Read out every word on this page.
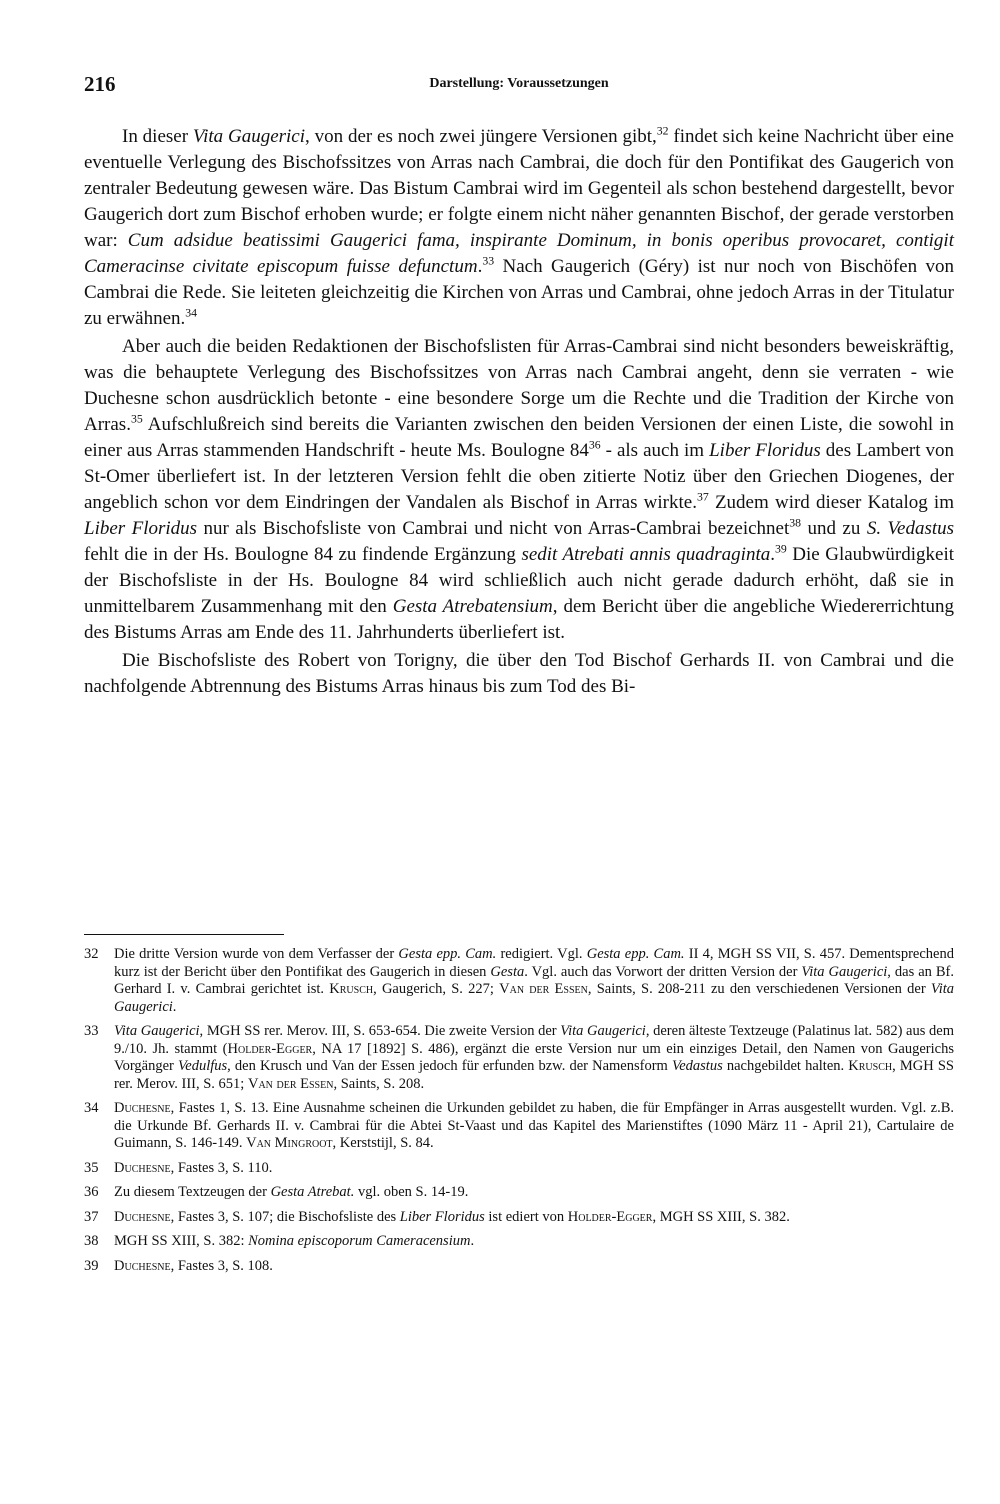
216	Darstellung: Voraussetzungen

In dieser Vita Gaugerici, von der es noch zwei jüngere Versionen gibt,$^{32}$ findet sich keine Nachricht über eine eventuelle Verlegung des Bischofssitzes von Arras nach Cambrai, die doch für den Pontifikat des Gaugerich von zentraler Bedeutung gewesen wäre. Das Bistum Cambrai wird im Gegenteil als schon bestehend dargestellt, bevor Gaugerich dort zum Bischof erhoben wurde; er folgte einem nicht näher genannten Bischof, der gerade verstorben war: Cum adsidue beatissimi Gaugerici fama, inspirante Dominum, in bonis operibus provocaret, contigit Cameracinse civitate episcopum fuisse defunctum.$^{33}$ Nach Gaugerich (Géry) ist nur noch von Bischöfen von Cambrai die Rede. Sie leiteten gleichzeitig die Kirchen von Arras und Cambrai, ohne jedoch Arras in der Titulatur zu erwähnen.$^{34}$

Aber auch die beiden Redaktionen der Bischofslisten für Arras-Cambrai sind nicht besonders beweiskräftig, was die behauptete Verlegung des Bischofssitzes von Arras nach Cambrai angeht, denn sie verraten - wie Duchesne schon ausdrücklich betonte - eine besondere Sorge um die Rechte und die Tradition der Kirche von Arras.$^{35}$ Aufschlußreich sind bereits die Varianten zwischen den beiden Versionen der einen Liste, die sowohl in einer aus Arras stammenden Handschrift - heute Ms. Boulogne $84^{36}$ - als auch im Liber Floridus des Lambert von St-Omer überliefert ist. In der letzteren Version fehlt die oben zitierte Notiz über den Griechen Diogenes, der angeblich schon vor dem Eindringen der Vandalen als Bischof in Arras wirkte.$^{37}$ Zudem wird dieser Katalog im Liber Floridus nur als Bischofsliste von Cambrai und nicht von Arras-Cambrai bezeichnet$^{38}$ und zu S. Vedastus fehlt die in der Hs. Boulogne 84 zu findende Ergänzung sedit Atrebati annis quadraginta.$^{39}$ Die Glaubwürdigkeit der Bischofsliste in der Hs. Boulogne 84 wird schließlich auch nicht gerade dadurch erhöht, daß sie in unmittelbarem Zusammenhang mit den Gesta Atrebatensium, dem Bericht über die angebliche Wiedererrichtung des Bistums Arras am Ende des 11. Jahrhunderts überliefert ist.

Die Bischofsliste des Robert von Torigny, die über den Tod Bischof Gerhards II. von Cambrai und die nachfolgende Abtrennung des Bistums Arras hinaus bis zum Tod des Bi-

32	Die dritte Version wurde von dem Verfasser der Gesta epp. Cam. redigiert. Vgl. Gesta epp. Cam. II 4, MGH SS VII, S. 457. Dementsprechend kurz ist der Bericht über den Pontifikat des Gaugerich in diesen Gesta. Vgl. auch das Vorwort der dritten Version der Vita Gaugerici, das an Bf. Gerhard I. v. Cambrai gerichtet ist. Krusch, Gaugerich, S. 227; Van der Essen, Saints, S. 208-211 zu den verschiedenen Versionen der Vita Gaugerici.
33	Vita Gaugerici, MGH SS rer. Merov. III, S. 653-654. Die zweite Version der Vita Gaugerici, deren älteste Textzeuge (Palatinus lat. 582) aus dem 9./10. Jh. stammt (Holder-Egger, NA 17 [1892] S. 486), ergänzt die erste Version nur um ein einziges Detail, den Namen von Gaugerichs Vorgänger Vedulfus, den Krusch und Van der Essen jedoch für erfunden bzw. der Namensform Vedastus nachgebildet halten. Krusch, MGH SS rer. Merov. III, S. 651; Van der Essen, Saints, S. 208.
34	Duchesne, Fastes 1, S. 13. Eine Ausnahme scheinen die Urkunden gebildet zu haben, die für Empfänger in Arras ausgestellt wurden. Vgl. z.B. die Urkunde Bf. Gerhards II. v. Cambrai für die Abtei St-Vaast und das Kapitel des Marienstiftes (1090 März 11 - April 21), Cartulaire de Guimann, S. 146-149. Van Mingroot, Kerststijl, S. 84.
35	Duchesne, Fastes 3, S. 110.
36	Zu diesem Textzeugen der Gesta Atrebat. vgl. oben S. 14-19.
37	Duchesne, Fastes 3, S. 107; die Bischofsliste des Liber Floridus ist ediert von Holder-Egger, MGH SS XIII, S. 382.
38	MGH SS XIII, S. 382: Nomina episcoporum Cameracensium.
39	Duchesne, Fastes 3, S. 108.
